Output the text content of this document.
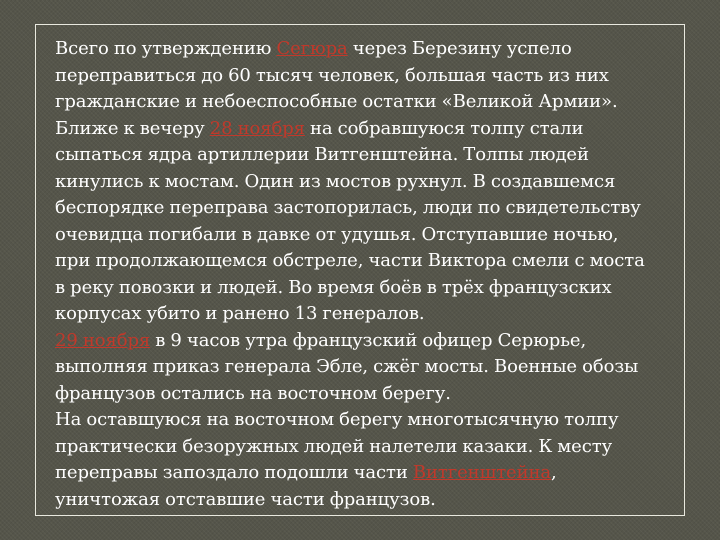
Всего по утверждению Сегюра через Березину успело
переправиться до 60 тысяч человек, большая часть из них
гражданские и небоеспособные остатки «Великой Армии».
Ближе к вечеру 28 ноября на собравшуюся толпу стали
сыпаться ядра артиллерии Витгенштейна. Толпы людей
кинулись к мостам. Один из мостов рухнул. В создавшемся
беспорядке переправа застопорилась, люди по свидетельству
очевидца погибали в давке от удушья. Отступавшие ночью,
при продолжающемся обстреле, части Виктора смели с моста
в реку повозки и людей. Во время боёв в трёх французских
корпусах убито и ранено 13 генералов.

29 ноября в 9 часов утра французский офицер Серюрье,
выполняя приказ генерала Эбле, сжёг мосты. Военные обозы
французов остались на восточном берегу.

На оставшуюся на восточном берегу многотысячную толпу
практически безоружных людей налетели казаки. К месту
переправы запоздало подошли части Витгенштейна,
уничтожая отставшие части французов.
